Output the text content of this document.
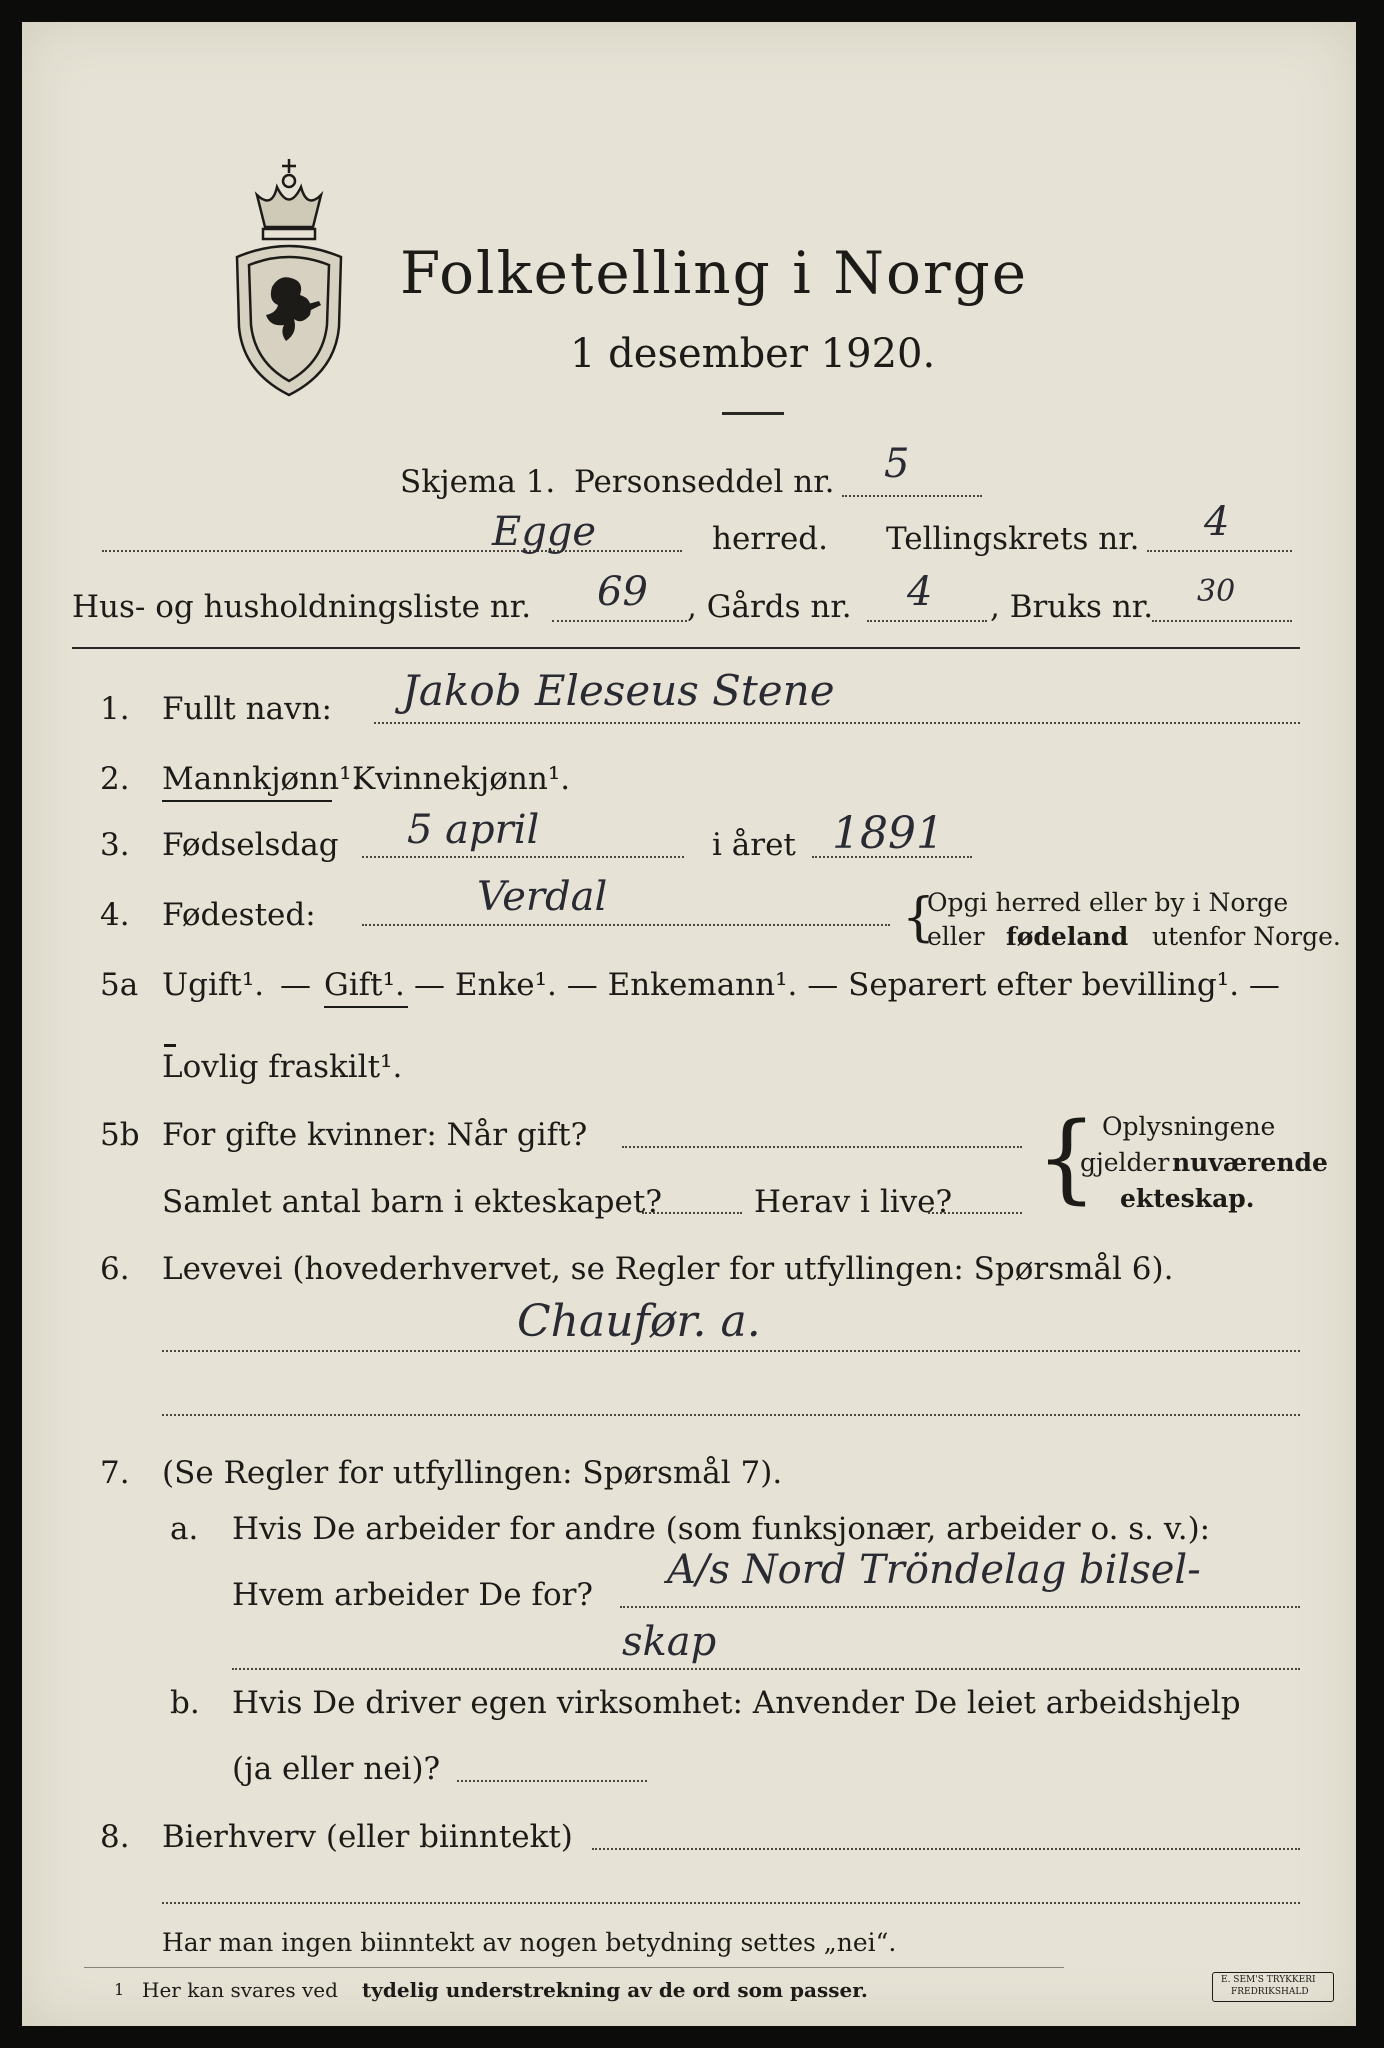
Folketelling i Norge
1 desember 1920.
Skjema 1. Personseddel nr. 5
Egge	herred. Tellingskrets nr. 4
Hus- og husholdningsliste nr. 69 , Gårds nr. 4 , Bruks nr. 30
1. Fullt navn: Jakob Eleseus Stene
2. Mannkjønn¹.
Kvinnekjønn¹.
3. Fødselsdag 5 april	i året 1891
4. Fødested:	Verdal	{
Opgi herred eller by i Norge
eller fødeland utenfor Norge.
5a Ugift¹. — Gift¹. — Enke¹. — Enkemann¹. — Separert efter bevilling¹. —
Lovlig fraskilt¹.
5b For gifte kvinner: Når gift?
Samlet antal barn i ekteskapet?	Herav i live? { Oplysningene
gjelder nuværende
ekteskap.
6. Levevei (hovederhvervet, se Regler for utfyllingen: Spørsmål 6).
Chaufør. a.
7. (Se Regler for utfyllingen: Spørsmål 7).
a. Hvis De arbeider for andre (som funksjonær, arbeider o. s. v.):
Hvem arbeider De for?
A/s Nord Tröndelag bilsel-
skap
b. Hvis De driver egen virksomhet: Anvender De leiet arbeidshjelp
(ja eller nei)?
8. Bierhverv (eller biinntekt)
Har man ingen biinntekt av nogen betydning settes „nei“.
1 Her kan svares ved tydelig understrekning av de ord som passer.	E. SEM'S TRYKKERI
FREDRIKSHALD
